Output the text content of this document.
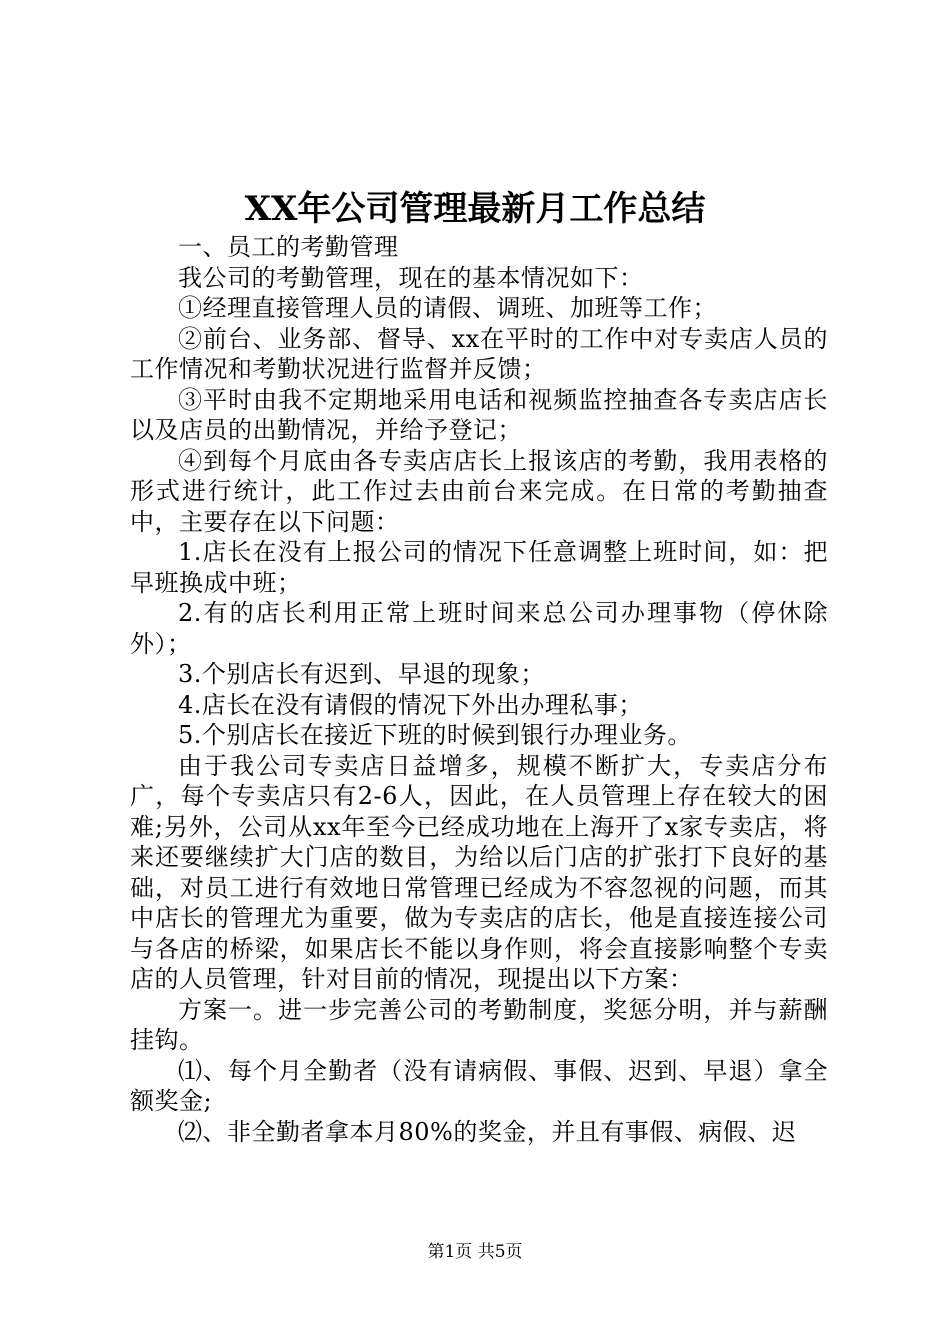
XX年公司管理最新月工作总结

一、员工的考勤管理

我公司的考勤管理，现在的基本情况如下：

①经理直接管理人员的请假、调班、加班等工作；

②前台、业务部、督导、xx在平时的工作中对专卖店人员的工作情况和考勤状况进行监督并反馈；

③平时由我不定期地采用电话和视频监控抽查各专卖店店长以及店员的出勤情况，并给予登记；

④到每个月底由各专卖店店长上报该店的考勤，我用表格的形式进行统计，此工作过去由前台来完成。在日常的考勤抽查中，主要存在以下问题：

1.店长在没有上报公司的情况下任意调整上班时间，如：把早班换成中班；

2.有的店长利用正常上班时间来总公司办理事物（停休除外）；

3.个别店长有迟到、早退的现象；

4.店长在没有请假的情况下外出办理私事；

5.个别店长在接近下班的时候到银行办理业务。

由于我公司专卖店日益增多，规模不断扩大，专卖店分布广，每个专卖店只有2-6人，因此，在人员管理上存在较大的困难;另外，公司从xx年至今已经成功地在上海开了x家专卖店，将来还要继续扩大门店的数目，为给以后门店的扩张打下良好的基础，对员工进行有效地日常管理已经成为不容忽视的问题，而其中店长的管理尤为重要，做为专卖店的店长，他是直接连接公司与各店的桥梁，如果店长不能以身作则，将会直接影响整个专卖店的人员管理，针对目前的情况，现提出以下方案：

方案一。进一步完善公司的考勤制度，奖惩分明，并与薪酬挂钩。

⑴、每个月全勤者（没有请病假、事假、迟到、早退）拿全额奖金;

⑵、非全勤者拿本月80%的奖金，并且有事假、病假、迟

第1页 共5页
